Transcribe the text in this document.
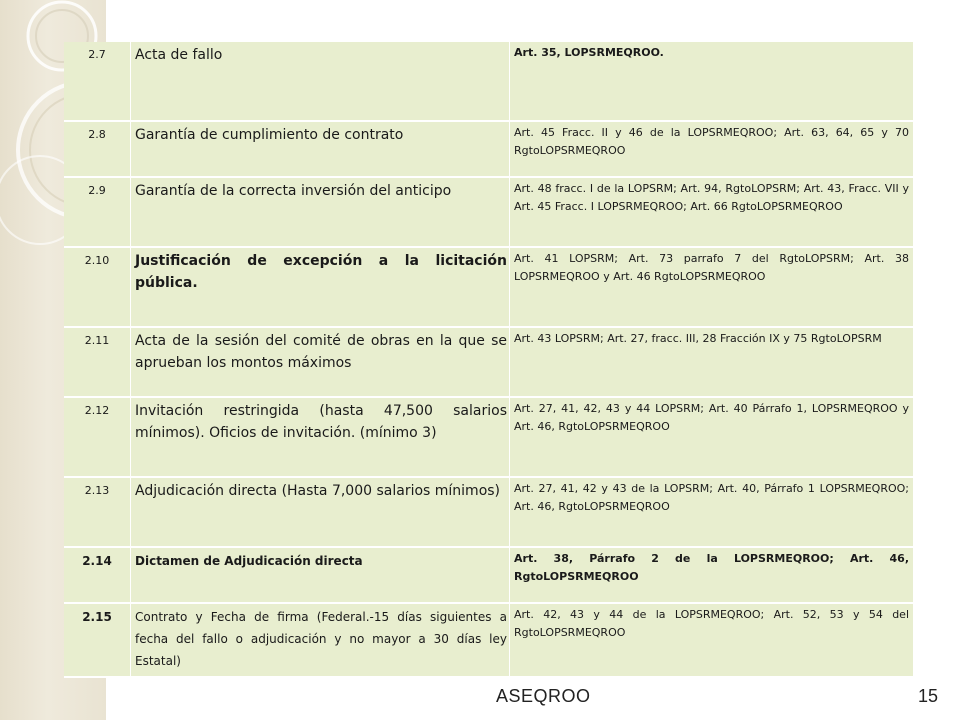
2.7	Acta de fallo	Art. 35, LOPSRMEQROO.
2.8	Garantía de cumplimiento de contrato	Art. 45 Fracc. II y 46 de la LOPSRMEQROO; Art. 63, 64, 65 y 70 RgtoLOPSRMEQROO
2.9	Garantía de la correcta inversión del anticipo	Art. 48 fracc. I de la LOPSRM; Art. 94, RgtoLOPSRM; Art. 43, Fracc. VII y Art. 45 Fracc. I LOPSRMEQROO; Art. 66 RgtoLOPSRMEQROO
2.10	Justificación de excepción a la licitación pública.	Art. 41 LOPSRM; Art. 73 parrafo 7 del RgtoLOPSRM; Art. 38 LOPSRMEQROO y Art. 46 RgtoLOPSRMEQROO
2.11	Acta de la sesión del comité de obras en la que se aprueban los montos máximos	Art. 43 LOPSRM; Art. 27, fracc. III, 28 Fracción IX y 75 RgtoLOPSRM
2.12	Invitación restringida (hasta 47,500 salarios mínimos). Oficios de invitación. (mínimo 3)	Art. 27, 41, 42, 43 y 44 LOPSRM; Art. 40 Párrafo 1, LOPSRMEQROO y Art. 46, RgtoLOPSRMEQROO
2.13	Adjudicación directa (Hasta 7,000 salarios mínimos)	Art. 27, 41, 42 y 43 de la LOPSRM; Art. 40, Párrafo 1 LOPSRMEQROO; Art. 46, RgtoLOPSRMEQROO
2.14	Dictamen de Adjudicación directa	Art. 38, Párrafo 2 de la LOPSRMEQROO; Art. 46, RgtoLOPSRMEQROO
2.15	Contrato y Fecha de firma (Federal.-15 días siguientes a fecha del fallo o adjudicación y no mayor a 30 días ley Estatal)	Art. 42, 43 y 44 de la LOPSRMEQROO; Art. 52, 53 y 54 del RgtoLOPSRMEQROO
ASEQROO	15
